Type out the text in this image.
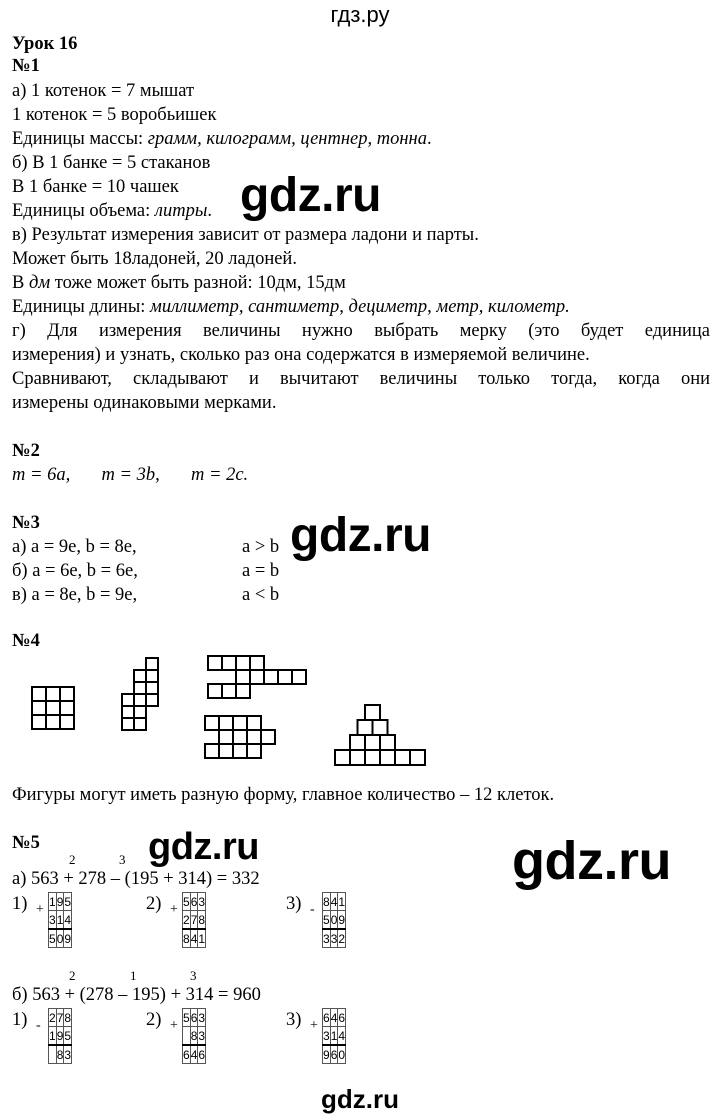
гдз.ру
gdz.ru
gdz.ru
gdz.ru	gdz.ru
Урок 16
№1
а) 1 котенок = 7 мышат
1 котенок = 5 воробьишек
Единицы массы: грамм, килограмм, центнер, тонна.
б) В 1 банке = 5 стаканов
В 1 банке = 10 чашек
Единицы объема: литры.
в) Результат измерения зависит от размера ладони и парты.
Может быть 18ладоней, 20 ладоней.
В дм тоже может быть разной: 10дм, 15дм
Единицы длины: миллиметр, сантиметр, дециметр, метр, километр.
г) Для измерения величины нужно выбрать мерку (это будет единица
измерения) и узнать, сколько раз она содержатся в измеряемой величине.
Сравнивают, складывают и вычитают величины только тогда, когда они
измерены одинаковыми мерками.
№2
m = 6a, m = 3b, m = 2c.
№3
а) a = 9е, b = 8е,	a > b
б) a = 6е, b = 6е,	a = b
в) a = 8е, b = 9е,	a < b
№4
Фигуры могут иметь разную форму, главное количество – 12 клеток.
№5
2	3
а) 563 + 278 – (195 + 314) = 332
1) +
1	9	5
3	1	4
5	0	9
2) +
5	6	3
2	7	8
8	4	1
3) -
8	4	1
5	0	9
3	3	2
2	1	3
б) 563 + (278 – 195) + 314 = 960
1) -
2	7	8
1	9	5
	8	3
2) +
5	6	3
	8	3
6	4	6
3) +
6	4	6
3	1	4
9	6	0
gdz.ru
